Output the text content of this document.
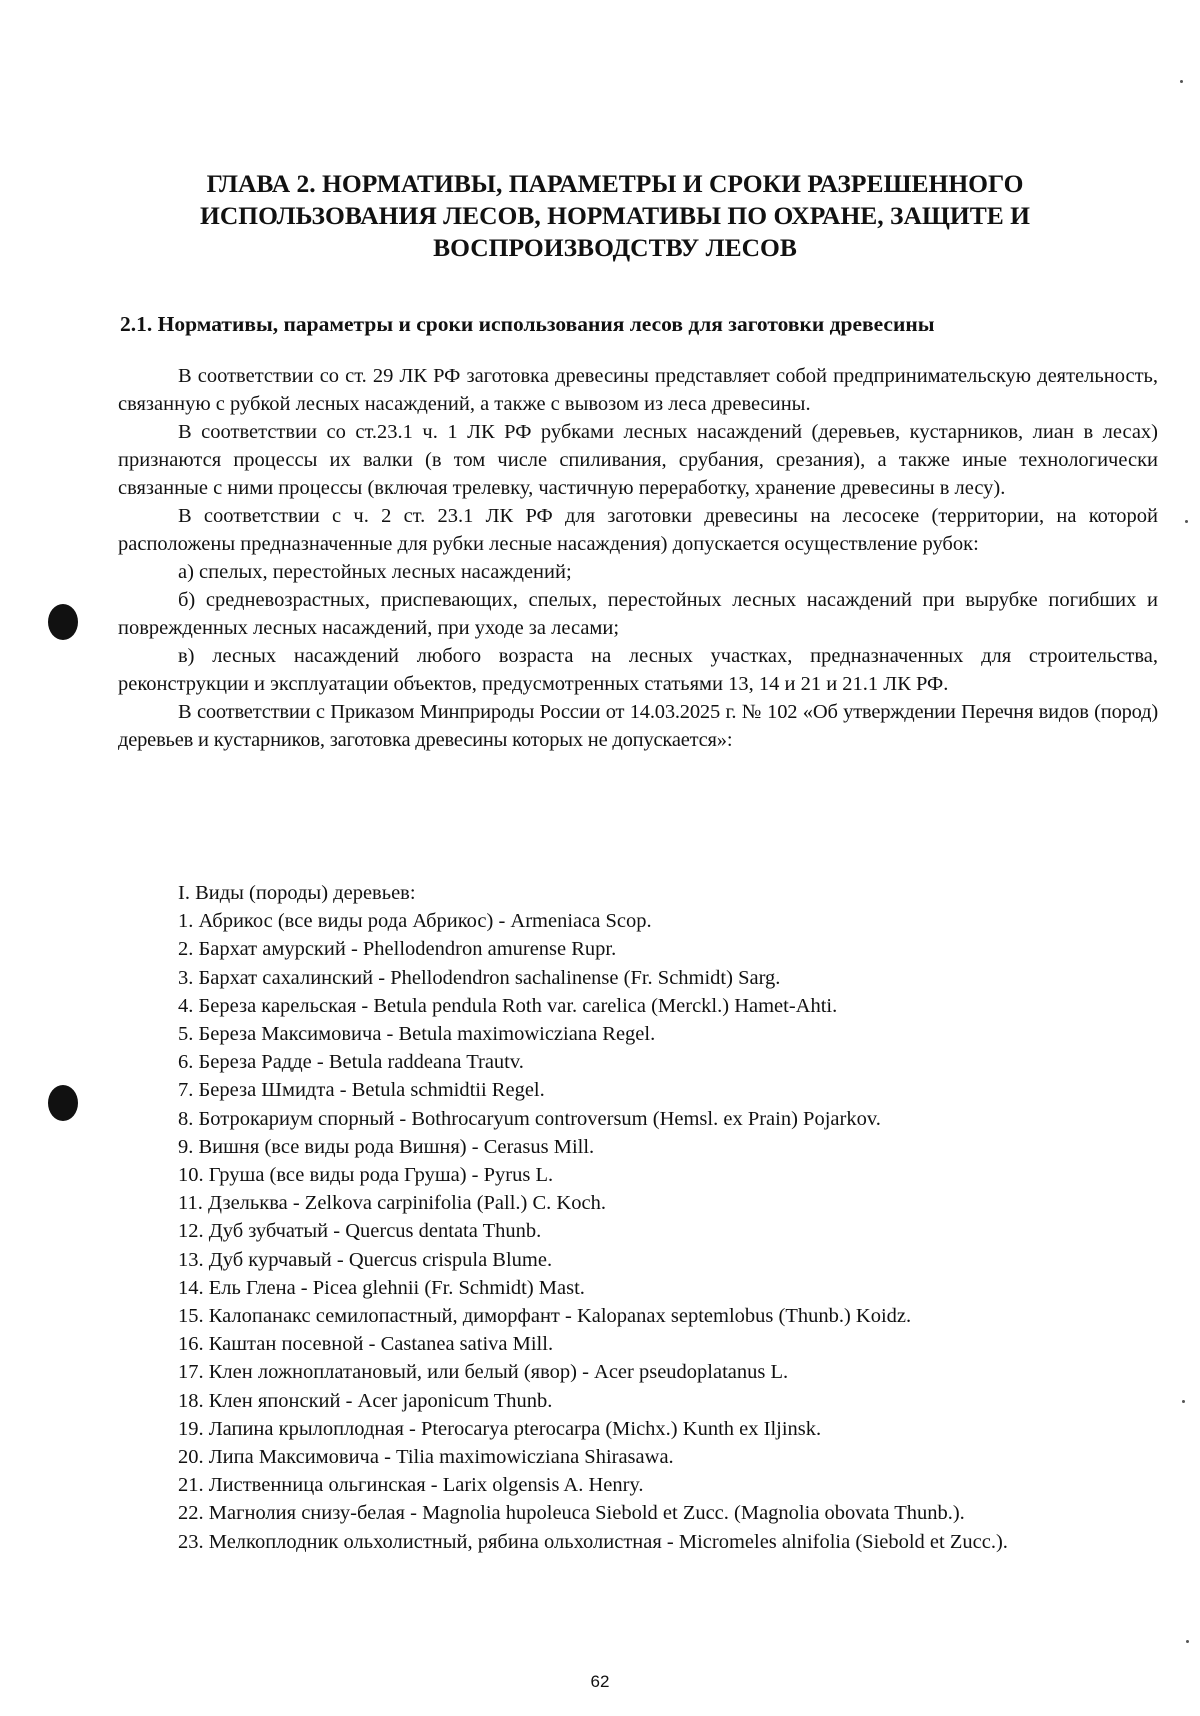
ГЛАВА 2. НОРМАТИВЫ, ПАРАМЕТРЫ И СРОКИ РАЗРЕШЕННОГО
ИСПОЛЬЗОВАНИЯ ЛЕСОВ, НОРМАТИВЫ ПО ОХРАНЕ, ЗАЩИТЕ И
ВОСПРОИЗВОДСТВУ ЛЕСОВ
2.1. Нормативы, параметры и сроки использования лесов для заготовки древесины

В соответствии со ст. 29 ЛК РФ заготовка древесины представляет собой предпринимательскую деятельность, связанную с рубкой лесных насаждений, а также с вывозом из леса древесины.

В соответствии со ст.23.1 ч. 1 ЛК РФ рубками лесных насаждений (деревьев, кустарников, лиан в лесах) признаются процессы их валки (в том числе спиливания, срубания, срезания), а также иные технологически связанные с ними процессы (включая трелевку, частичную переработку, хранение древесины в лесу).

В соответствии с ч. 2 ст. 23.1 ЛК РФ для заготовки древесины на лесосеке (территории, на которой расположены предназначенные для рубки лесные насаждения) допускается осуществление рубок:

а) спелых, перестойных лесных насаждений;

б) средневозрастных, приспевающих, спелых, перестойных лесных насаждений при вырубке погибших и поврежденных лесных насаждений, при уходе за лесами;

в) лесных насаждений любого возраста на лесных участках, предназначенных для строительства, реконструкции и эксплуатации объектов, предусмотренных статьями 13, 14 и 21 и 21.1 ЛК РФ.

В соответствии с Приказом Минприроды России от 14.03.2025 г. № 102 «Об утверждении Перечня видов (пород) деревьев и кустарников, заготовка древесины которых не допускается»:

I. Виды (породы) деревьев:
1. Абрикос (все виды рода Абрикос) - Armeniaca Scop.
2. Бархат амурский - Phellodendron amurense Rupr.
3. Бархат сахалинский - Phellodendron sachalinense (Fr. Schmidt) Sarg.
4. Береза карельская - Betula pendula Roth var. carelica (Merckl.) Hamet-Ahti.
5. Береза Максимовича - Betula maximowicziana Regel.
6. Береза Радде - Betula raddeana Trautv.
7. Береза Шмидта - Betula schmidtii Regel.
8. Ботрокариум спорный - Bothrocaryum controversum (Hemsl. ex Prain) Pojarkov.
9. Вишня (все виды рода Вишня) - Cerasus Mill.
10. Груша (все виды рода Груша) - Pyrus L.
11. Дзельква - Zelkova carpinifolia (Pall.) C. Koch.
12. Дуб зубчатый - Quercus dentata Thunb.
13. Дуб курчавый - Quercus crispula Blume.
14. Ель Глена - Picea glehnii (Fr. Schmidt) Mast.
15. Калопанакс семилопастный, диморфант - Kalopanax septemlobus (Thunb.) Koidz.
16. Каштан посевной - Castanea sativa Mill.
17. Клен ложноплатановый, или белый (явор) - Acer pseudoplatanus L.
18. Клен японский - Acer japonicum Thunb.
19. Лапина крылоплодная - Pterocarya pterocarpa (Michx.) Kunth ex Iljinsk.
20. Липа Максимовича - Tilia maximowicziana Shirasawa.
21. Лиственница ольгинская - Larix olgensis A. Henry.
22. Магнолия снизу-белая - Magnolia hupoleuca Siebold et Zucc. (Magnolia obovata Thunb.).
23. Мелкоплодник ольхолистный, рябина ольхолистная - Micromeles alnifolia (Siebold et Zucc.).
62
